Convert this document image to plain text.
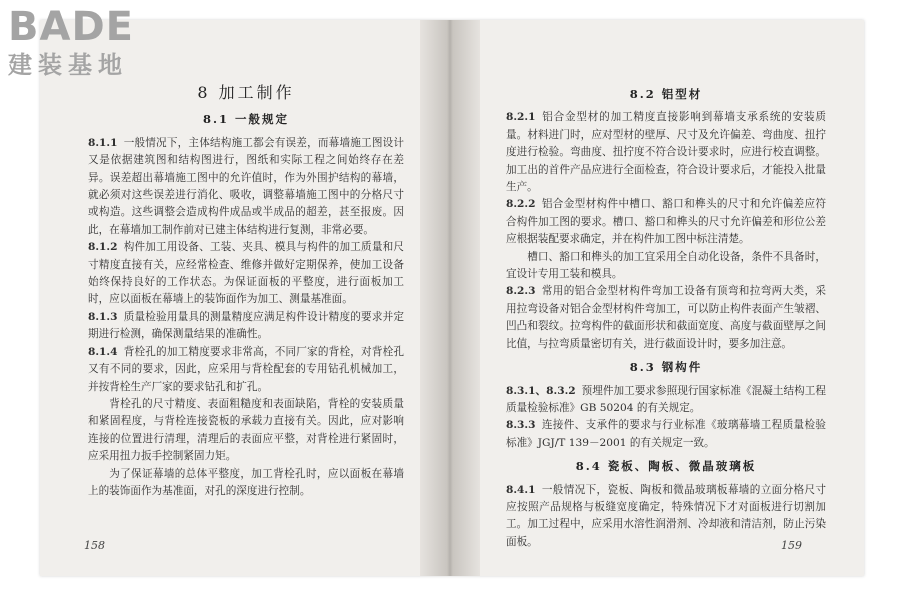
8 加工制作
8.1 一般规定

8.1.1 一般情况下，主体结构施工都会有误差，而幕墙施工图设计又是依据建筑图和结构图进行，图纸和实际工程之间始终存在差异。误差超出幕墙施工图中的允许值时，作为外围护结构的幕墙，就必须对这些误差进行消化、吸收，调整幕墙施工图中的分格尺寸或构造。这些调整会造成构件成品或半成品的超差，甚至报废。因此，在幕墙加工制作前对已建主体结构进行复测，非常必要。

8.1.2 构件加工用设备、工装、夹具、模具与构件的加工质量和尺寸精度直接有关，应经常检查、维修并做好定期保养，使加工设备始终保持良好的工作状态。为保证面板的平整度，进行面板加工时，应以面板在幕墙上的装饰面作为加工、测量基准面。

8.1.3 质量检验用量具的测量精度应满足构件设计精度的要求并定期进行检测，确保测量结果的准确性。

8.1.4 背栓孔的加工精度要求非常高，不同厂家的背栓，对背栓孔又有不同的要求，因此，应采用与背栓配套的专用钻孔机械加工，并按背栓生产厂家的要求钻孔和扩孔。

背栓孔的尺寸精度、表面粗糙度和表面缺陷，背栓的安装质量和紧固程度，与背栓连接瓷板的承载力直接有关。因此，应对影响连接的位置进行清理，清理后的表面应平整，对背栓进行紧固时，应采用扭力扳手控制紧固力矩。

为了保证幕墙的总体平整度，加工背栓孔时，应以面板在幕墙上的装饰面作为基准面，对孔的深度进行控制。

158
8.2 铝型材

8.2.1 铝合金型材的加工精度直接影响到幕墙支承系统的安装质量。材料进门时，应对型材的壁厚、尺寸及允许偏差、弯曲度、扭拧度进行检验。弯曲度、扭拧度不符合设计要求时，应进行校直调整。加工出的首件产品应进行全面检查，符合设计要求后，才能投入批量生产。

8.2.2 铝合金型材构件中槽口、豁口和榫头的尺寸和允许偏差应符合构件加工图的要求。槽口、豁口和榫头的尺寸允许偏差和形位公差应根据装配要求确定，并在构件加工图中标注清楚。

槽口、豁口和榫头的加工宜采用全自动化设备，条件不具备时，宜设计专用工装和模具。

8.2.3 常用的铝合金型材构件弯加工设备有顶弯和拉弯两大类，采用拉弯设备对铝合金型材构件弯加工，可以防止构件表面产生皱褶、凹凸和裂纹。拉弯构件的截面形状和截面宽度、高度与截面壁厚之间比值，与拉弯质量密切有关，进行截面设计时，要多加注意。

8.3 钢构件

8.3.1、8.3.2 预埋件加工要求参照现行国家标准《混凝土结构工程质量检验标准》GB 50204 的有关规定。

8.3.3 连接件、支承件的要求与行业标准《玻璃幕墙工程质量检验标准》JGJ/T 139－2001 的有关规定一致。

8.4 瓷板、陶板、微晶玻璃板

8.4.1 一般情况下，瓷板、陶板和微晶玻璃板幕墙的立面分格尺寸应按照产品规格与板缝宽度确定，特殊情况下才对面板进行切割加工。加工过程中，应采用水溶性润滑剂、冷却液和清洁剂，防止污染面板。	159
BADE
建装基地
